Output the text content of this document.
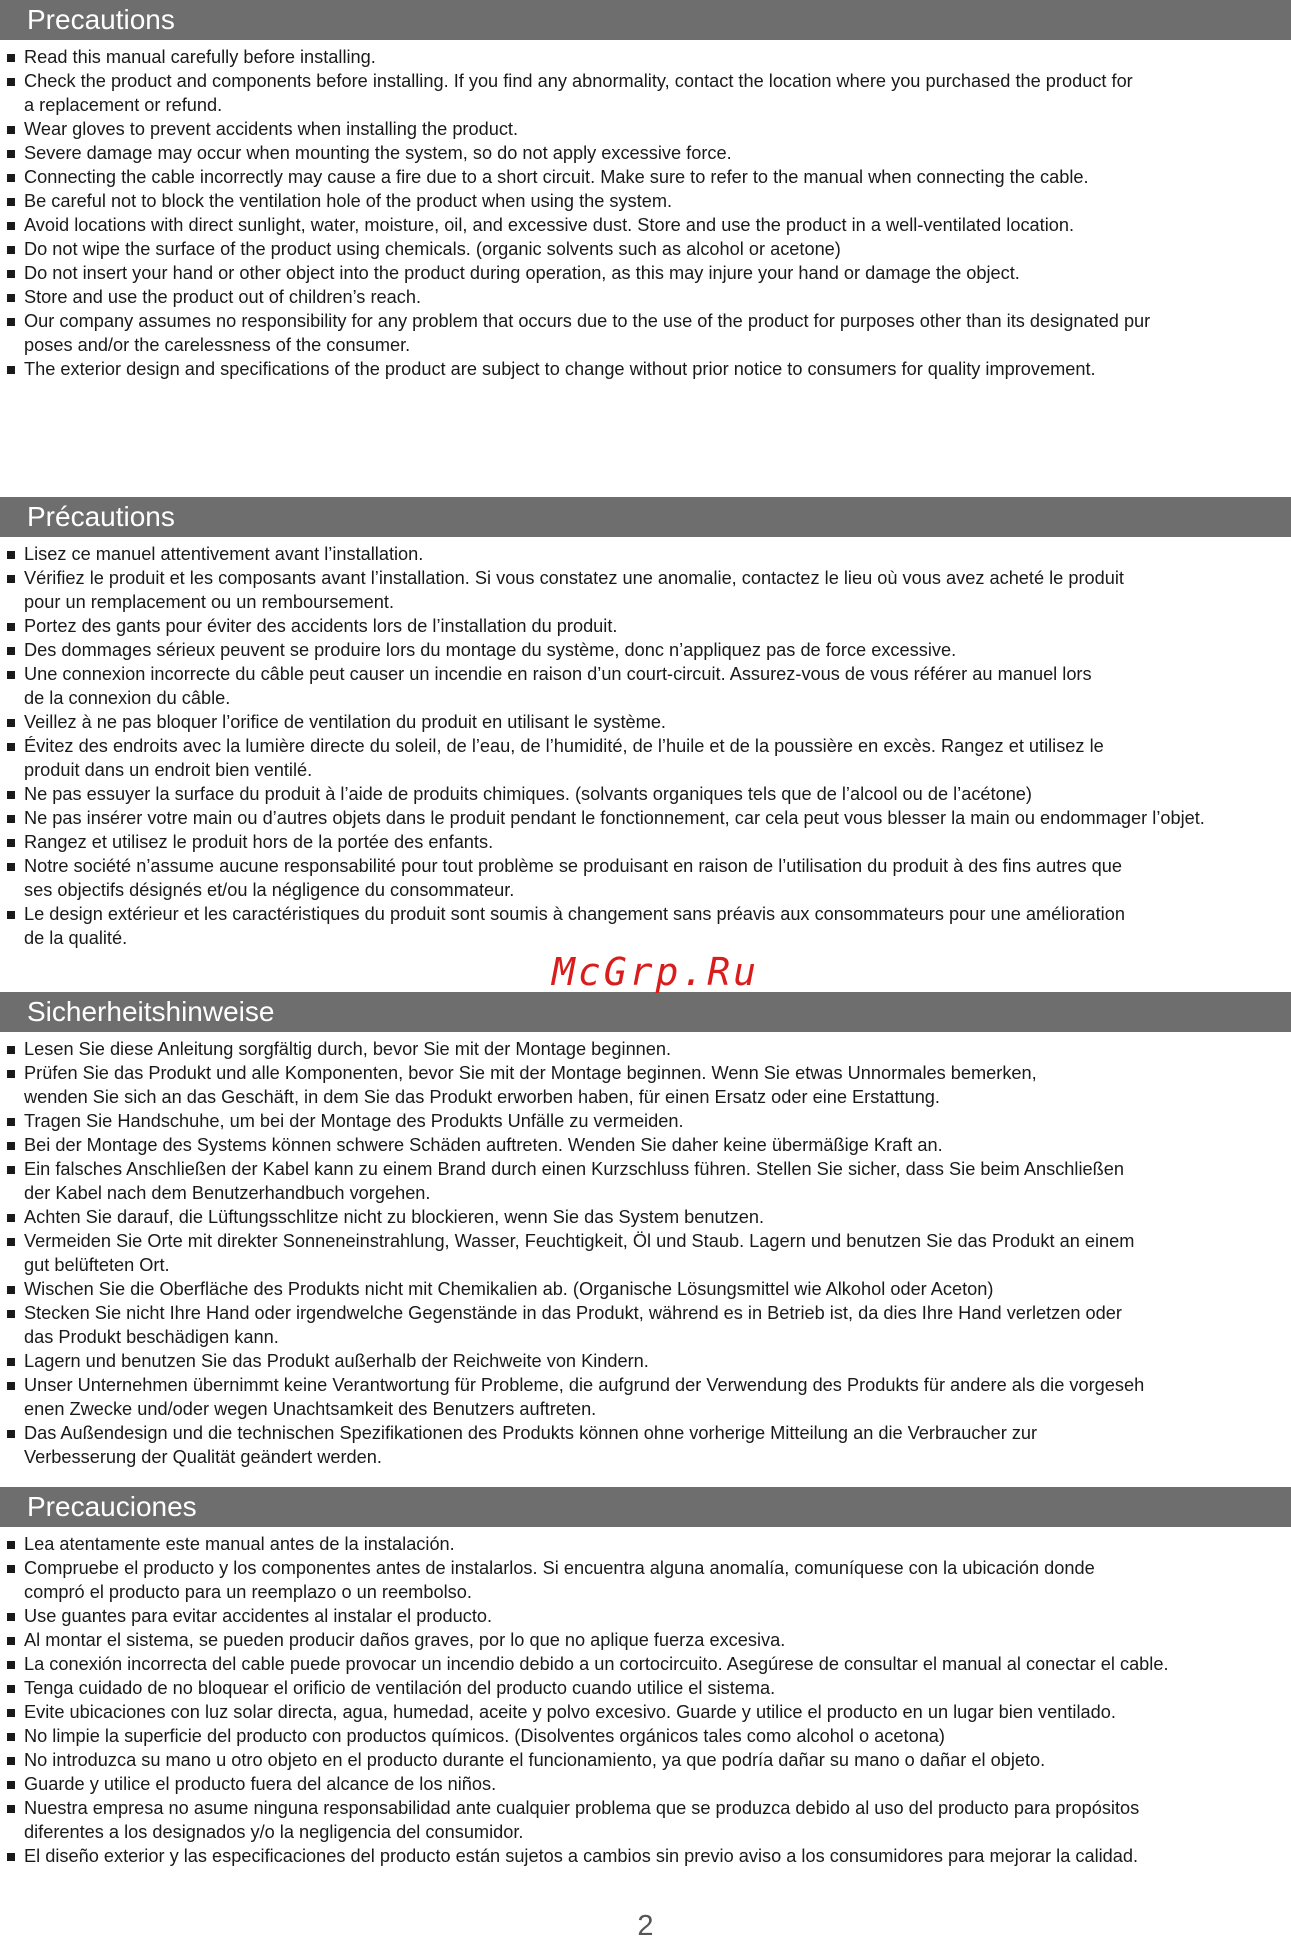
Precautions
Read this manual carefully before installing.
Check the product and components before installing. If you find any abnormality, contact the location where you purchased the product for
a replacement or refund.
Wear gloves to prevent accidents when installing the product.
Severe damage may occur when mounting the system, so do not apply excessive force.
Connecting the cable incorrectly may cause a fire due to a short circuit. Make sure to refer to the manual when connecting the cable.
Be careful not to block the ventilation hole of the product when using the system.
Avoid locations with direct sunlight, water, moisture, oil, and excessive dust. Store and use the product in a well-ventilated location.
Do not wipe the surface of the product using chemicals. (organic solvents such as alcohol or acetone)
Do not insert your hand or other object into the product during operation, as this may injure your hand or damage the object.
Store and use the product out of children’s reach.
Our company assumes no responsibility for any problem that occurs due to the use of the product for purposes other than its designated pur
poses and/or the carelessness of the consumer.
The exterior design and specifications of the product are subject to change without prior notice to consumers for quality improvement.
Précautions
Lisez ce manuel attentivement avant l’installation.
Vérifiez le produit et les composants avant l’installation. Si vous constatez une anomalie, contactez le lieu où vous avez acheté le produit
pour un remplacement ou un remboursement.
Portez des gants pour éviter des accidents lors de l’installation du produit.
Des dommages sérieux peuvent se produire lors du montage du système, donc n’appliquez pas de force excessive.
Une connexion incorrecte du câble peut causer un incendie en raison d’un court-circuit. Assurez-vous de vous référer au manuel lors
de la connexion du câble.
Veillez à ne pas bloquer l’orifice de ventilation du produit en utilisant le système.
Évitez des endroits avec la lumière directe du soleil, de l’eau, de l’humidité, de l’huile et de la poussière en excès. Rangez et utilisez le
produit dans un endroit bien ventilé.
Ne pas essuyer la surface du produit à l’aide de produits chimiques. (solvants organiques tels que de l’alcool ou de l’acétone)
Ne pas insérer votre main ou d’autres objets dans le produit pendant le fonctionnement, car cela peut vous blesser la main ou endommager l’objet.
Rangez et utilisez le produit hors de la portée des enfants.
Notre société n’assume aucune responsabilité pour tout problème se produisant en raison de l’utilisation du produit à des fins autres que
ses objectifs désignés et/ou la négligence du consommateur.
Le design extérieur et les caractéristiques du produit sont soumis à changement sans préavis aux consommateurs pour une amélioration
de la qualité.
Sicherheitshinweise
Lesen Sie diese Anleitung sorgfältig durch, bevor Sie mit der Montage beginnen.
Prüfen Sie das Produkt und alle Komponenten, bevor Sie mit der Montage beginnen. Wenn Sie etwas Unnormales bemerken,
wenden Sie sich an das Geschäft, in dem Sie das Produkt erworben haben, für einen Ersatz oder eine Erstattung.
Tragen Sie Handschuhe, um bei der Montage des Produkts Unfälle zu vermeiden.
Bei der Montage des Systems können schwere Schäden auftreten. Wenden Sie daher keine übermäßige Kraft an.
Ein falsches Anschließen der Kabel kann zu einem Brand durch einen Kurzschluss führen. Stellen Sie sicher, dass Sie beim Anschließen
der Kabel nach dem Benutzerhandbuch vorgehen.
Achten Sie darauf, die Lüftungsschlitze nicht zu blockieren, wenn Sie das System benutzen.
Vermeiden Sie Orte mit direkter Sonneneinstrahlung, Wasser, Feuchtigkeit, Öl und Staub. Lagern und benutzen Sie das Produkt an einem
gut belüfteten Ort.
Wischen Sie die Oberfläche des Produkts nicht mit Chemikalien ab. (Organische Lösungsmittel wie Alkohol oder Aceton)
Stecken Sie nicht Ihre Hand oder irgendwelche Gegenstände in das Produkt, während es in Betrieb ist, da dies Ihre Hand verletzen oder
das Produkt beschädigen kann.
Lagern und benutzen Sie das Produkt außerhalb der Reichweite von Kindern.
Unser Unternehmen übernimmt keine Verantwortung für Probleme, die aufgrund der Verwendung des Produkts für andere als die vorgeseh
enen Zwecke und/oder wegen Unachtsamkeit des Benutzers auftreten.
Das Außendesign und die technischen Spezifikationen des Produkts können ohne vorherige Mitteilung an die Verbraucher zur
Verbesserung der Qualität geändert werden.
Precauciones
Lea atentamente este manual antes de la instalación.
Compruebe el producto y los componentes antes de instalarlos. Si encuentra alguna anomalía, comuníquese con la ubicación donde
compró el producto para un reemplazo o un reembolso.
Use guantes para evitar accidentes al instalar el producto.
Al montar el sistema, se pueden producir daños graves, por lo que no aplique fuerza excesiva.
La conexión incorrecta del cable puede provocar un incendio debido a un cortocircuito. Asegúrese de consultar el manual al conectar el cable.
Tenga cuidado de no bloquear el orificio de ventilación del producto cuando utilice el sistema.
Evite ubicaciones con luz solar directa, agua, humedad, aceite y polvo excesivo. Guarde y utilice el producto en un lugar bien ventilado.
No limpie la superficie del producto con productos químicos. (Disolventes orgánicos tales como alcohol o acetona)
No introduzca su mano u otro objeto en el producto durante el funcionamiento, ya que podría dañar su mano o dañar el objeto.
Guarde y utilice el producto fuera del alcance de los niños.
Nuestra empresa no asume ninguna responsabilidad ante cualquier problema que se produzca debido al uso del producto para propósitos
diferentes a los designados y/o la negligencia del consumidor.
El diseño exterior y las especificaciones del producto están sujetos a cambios sin previo aviso a los consumidores para mejorar la calidad.
McGrp.Ru
2
